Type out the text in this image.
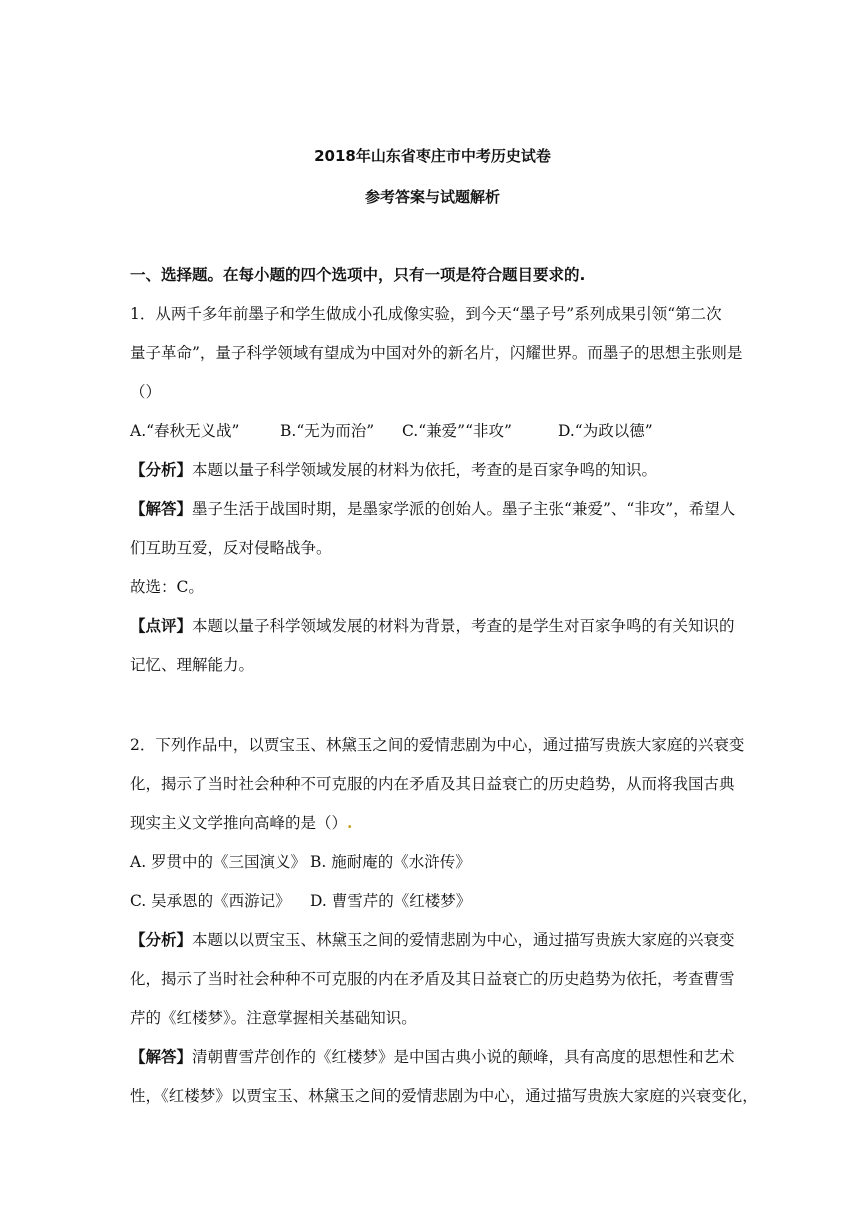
2018年山东省枣庄市中考历史试卷
参考答案与试题解析
一、选择题。在每小题的四个选项中，只有一项是符合题目要求的.
1．从两千多年前墨子和学生做成小孔成像实验，到今天“墨子号”系列成果引领“第二次
量子革命”，量子科学领域有望成为中国对外的新名片，闪耀世界。而墨子的思想主张则是
（）
A.“春秋无义战”	B.“无为而治” C.“兼爱”“非攻”	D.“为政以德”
【分析】本题以量子科学领域发展的材料为依托，考查的是百家争鸣的知识。
【解答】墨子生活于战国时期，是墨家学派的创始人。墨子主张“兼爱”、“非攻”，希望人
们互助互爱，反对侵略战争。
故选：C。
【点评】本题以量子科学领域发展的材料为背景，考查的是学生对百家争鸣的有关知识的
记忆、理解能力。
2．下列作品中，以贾宝玉、林黛玉之间的爱情悲剧为中心，通过描写贵族大家庭的兴衰变
化，揭示了当时社会种种不可克服的内在矛盾及其日益衰亡的历史趋势，从而将我国古典
现实主义文学推向高峰的是（）.
A. 罗贯中的《三国演义》 B. 施耐庵的《水浒传》
C. 吴承恩的《西游记》 D. 曹雪芹的《红楼梦》
【分析】本题以以贾宝玉、林黛玉之间的爱情悲剧为中心，通过描写贵族大家庭的兴衰变
化，揭示了当时社会种种不可克服的内在矛盾及其日益衰亡的历史趋势为依托，考查曹雪
芹的《红楼梦》。注意掌握相关基础知识。
【解答】清朝曹雪芹创作的《红楼梦》是中国古典小说的颠峰，具有高度的思想性和艺术
性，《红楼梦》以贾宝玉、林黛玉之间的爱情悲剧为中心，通过描写贵族大家庭的兴衰变化，
